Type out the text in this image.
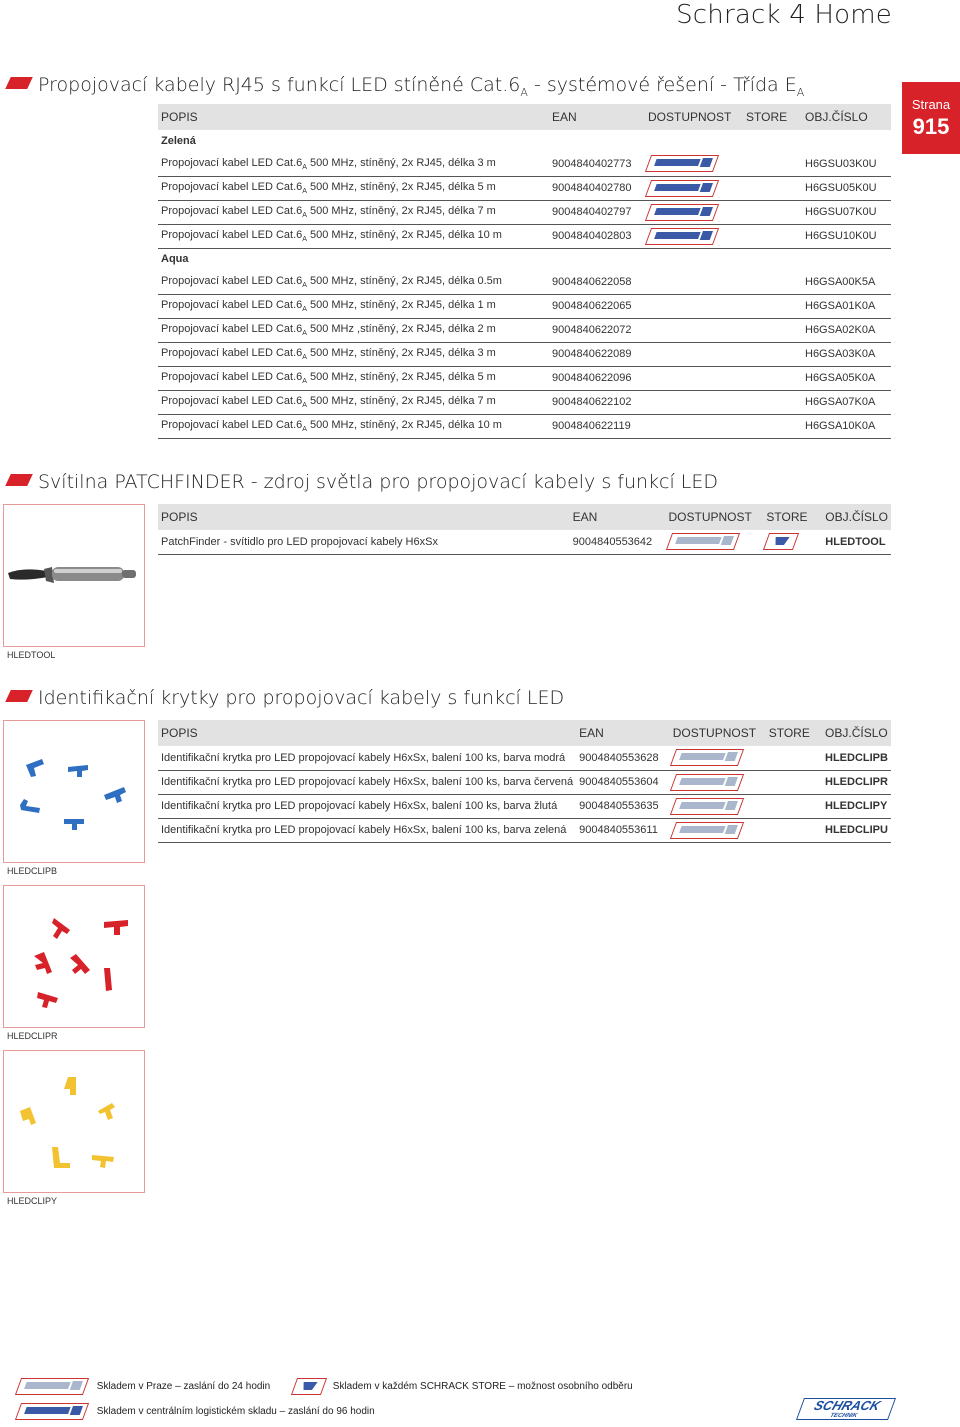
Schrack 4 Home
Strana
915
Propojovací kabely RJ45 s funkcí LED stíněné $Cat.6_A$ - systémové řešení - Třída $E_A$
POPIS	EAN	DOSTUPNOST	STORE	OBJ.ČÍSLO
Zelená				
Propojovací kabel LED $Cat.6_A$ 500 MHz, stíněný, 2x RJ45, délka 3 m	9004840402773			H6GSU03K0U
Propojovací kabel LED $Cat.6_A$ 500 MHz, stíněný, 2x RJ45, délka 5 m	9004840402780			H6GSU05K0U
Propojovací kabel LED $Cat.6_A$ 500 MHz, stíněný, 2x RJ45, délka 7 m	9004840402797			H6GSU07K0U
Propojovací kabel LED $Cat.6_A$ 500 MHz, stíněný, 2x RJ45, délka 10 m	9004840402803			H6GSU10K0U
Aqua				
Propojovací kabel LED $Cat.6_A$ 500 MHz, stíněný, 2x RJ45, délka 0.5m	9004840622058			H6GSA00K5A
Propojovací kabel LED $Cat.6_A$ 500 MHz, stíněný, 2x RJ45, délka 1 m	9004840622065			H6GSA01K0A
Propojovací kabel LED $Cat.6_A$ 500 MHz ,stíněný, 2x RJ45, délka 2 m	9004840622072			H6GSA02K0A
Propojovací kabel LED $Cat.6_A$ 500 MHz, stíněný, 2x RJ45, délka 3 m	9004840622089			H6GSA03K0A
Propojovací kabel LED $Cat.6_A$ 500 MHz, stíněný, 2x RJ45, délka 5 m	9004840622096			H6GSA05K0A
Propojovací kabel LED $Cat.6_A$ 500 MHz, stíněný, 2x RJ45, délka 7 m	9004840622102			H6GSA07K0A
Propojovací kabel LED $Cat.6_A$ 500 MHz, stíněný, 2x RJ45, délka 10 m	9004840622119			H6GSA10K0A
Svítilna PATCHFINDER - zdroj světla pro propojovací kabely s funkcí LED
HLEDTOOL
POPIS	EAN	DOSTUPNOST	STORE	OBJ.ČÍSLO
PatchFinder - svítidlo pro LED propojovací kabely H6xSx	9004840553642			HLEDTOOL
Identifikační krytky pro propojovací kabely s funkcí LED
HLEDCLIPB
HLEDCLIPR
HLEDCLIPY
POPIS	EAN	DOSTUPNOST	STORE	OBJ.ČÍSLO
Identifikační krytka pro LED propojovací kabely H6xSx, balení 100 ks, barva modrá	9004840553628			HLEDCLIPB
Identifikační krytka pro LED propojovací kabely H6xSx, balení 100 ks, barva červená	9004840553604			HLEDCLIPR
Identifikační krytka pro LED propojovací kabely H6xSx, balení 100 ks, barva žlutá	9004840553635			HLEDCLIPY
Identifikační krytka pro LED propojovací kabely H6xSx, balení 100 ks, barva zelená	9004840553611			HLEDCLIPU
Skladem v Praze – zaslání do 24 hodin	Skladem v každém SCHRACK STORE – možnost osobního odběru
Skladem v centrálním logistickém skladu – zaslání do 96 hodin	SCHRACK
TECHNIK
